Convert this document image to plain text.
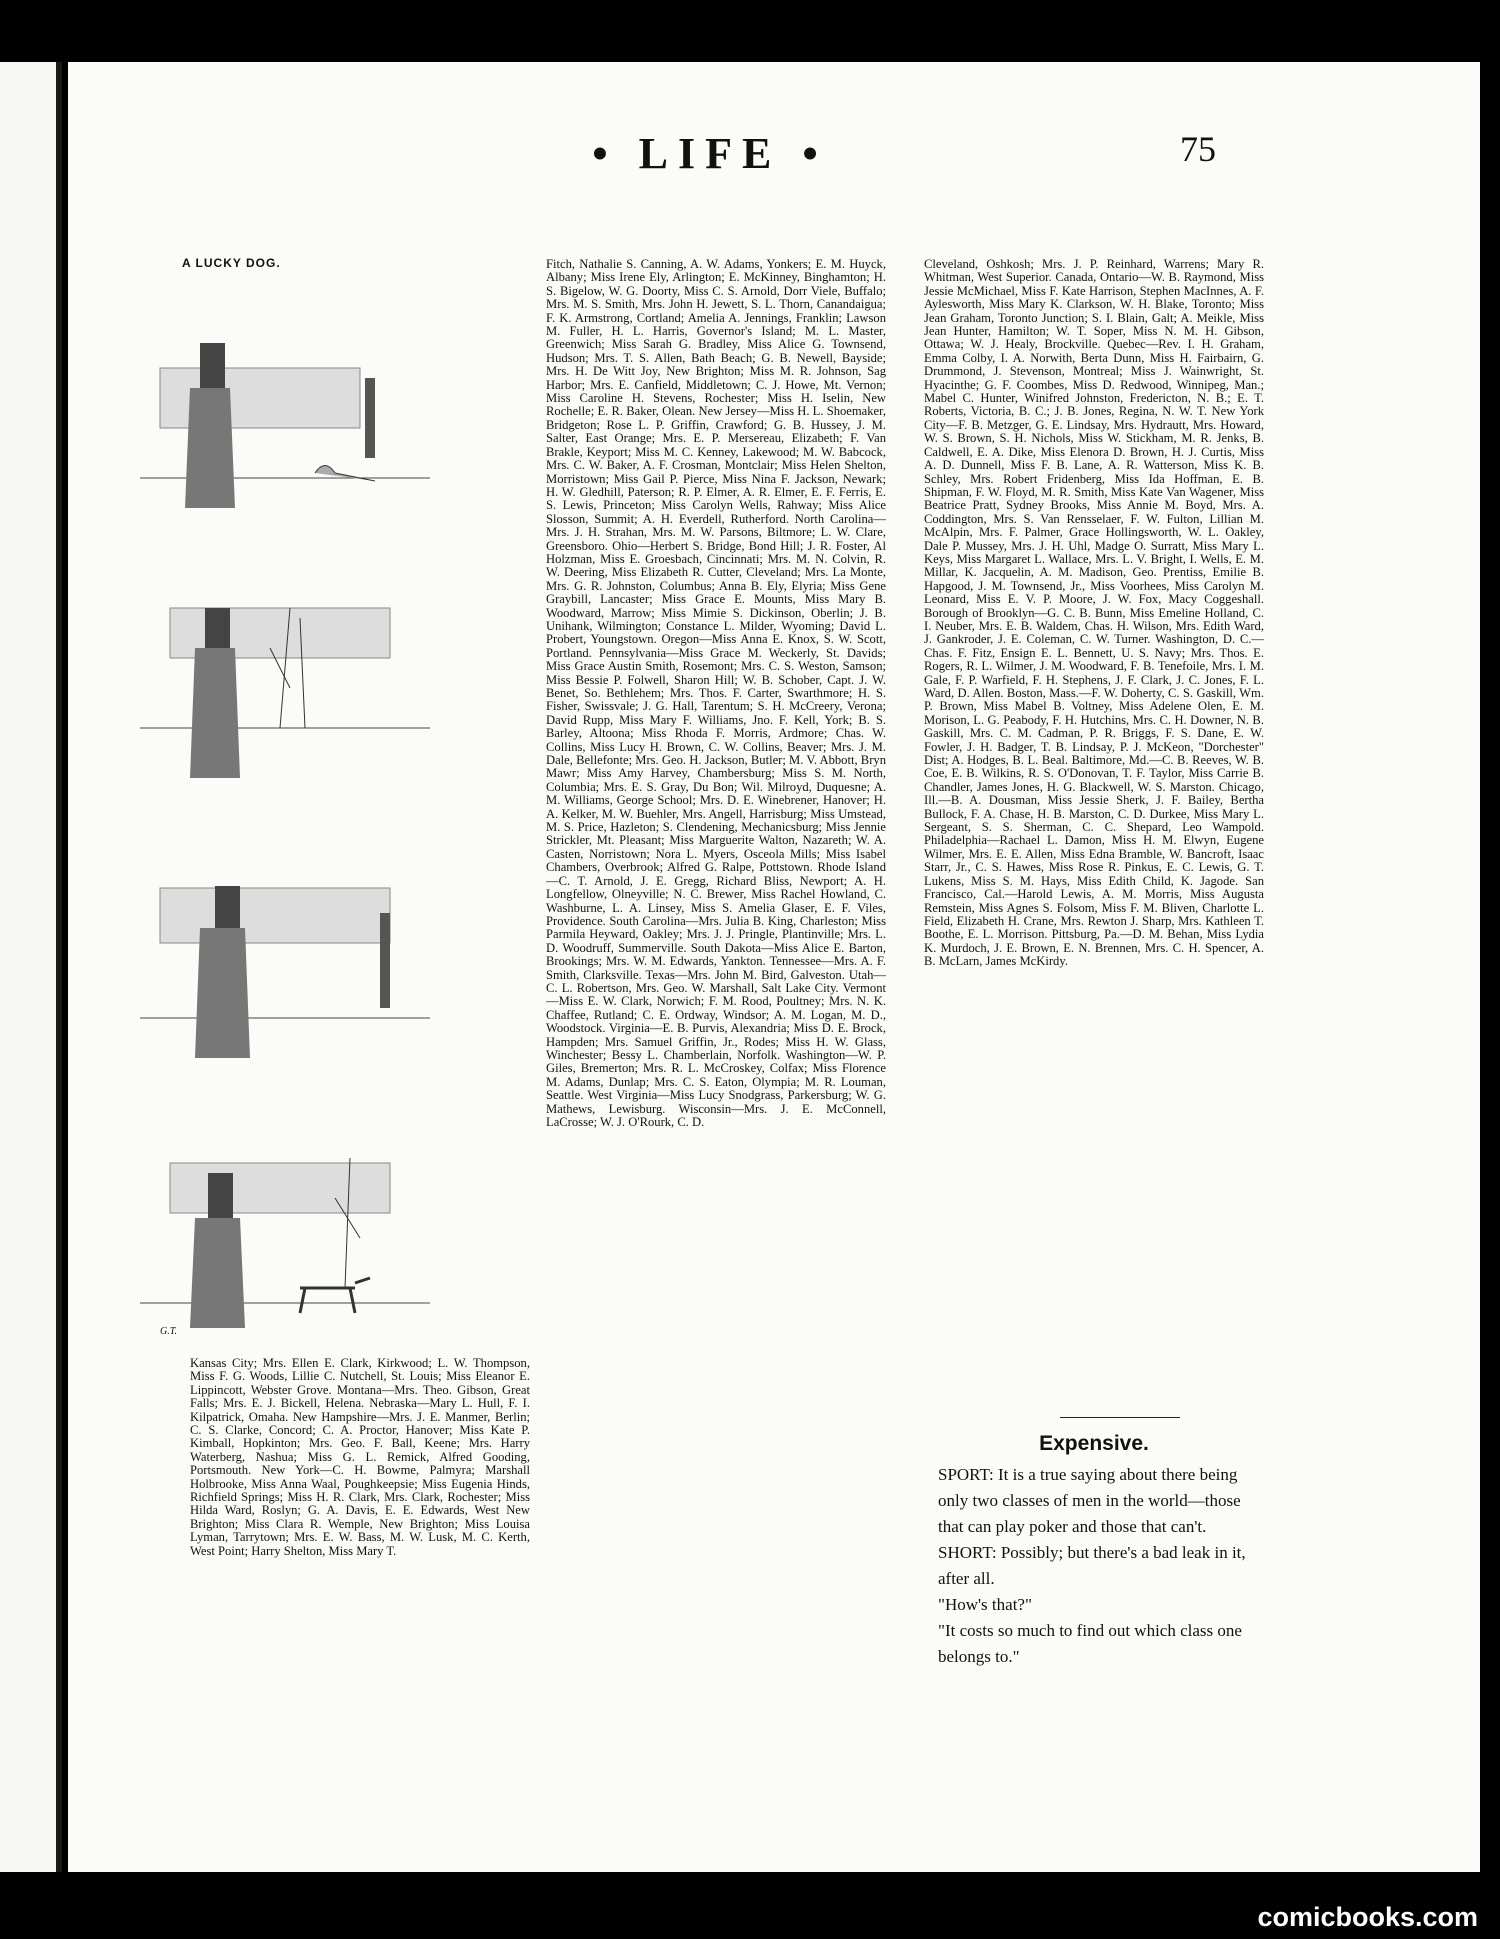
• LIFE •	75
A LUCKY DOG.
G.T.
Kansas City; Mrs. Ellen E. Clark, Kirkwood; L. W. Thompson, Miss F. G. Woods, Lillie C. Nutchell, St. Louis; Miss Eleanor E. Lippincott, Webster Grove. Montana—Mrs. Theo. Gibson, Great Falls; Mrs. E. J. Bickell, Helena. Nebraska—Mary L. Hull, F. I. Kilpatrick, Omaha. New Hampshire—Mrs. J. E. Manmer, Berlin; C. S. Clarke, Concord; C. A. Proctor, Hanover; Miss Kate P. Kimball, Hopkinton; Mrs. Geo. F. Ball, Keene; Mrs. Harry Waterberg, Nashua; Miss G. L. Remick, Alfred Gooding, Portsmouth. New York—C. H. Bowme, Palmyra; Marshall Holbrooke, Miss Anna Waal, Poughkeepsie; Miss Eugenia Hinds, Richfield Springs; Miss H. R. Clark, Mrs. Clark, Rochester; Miss Hilda Ward, Roslyn; G. A. Davis, E. E. Edwards, West New Brighton; Miss Clara R. Wemple, New Brighton; Miss Louisa Lyman, Tarrytown; Mrs. E. W. Bass, M. W. Lusk, M. C. Kerth, West Point; Harry Shelton, Miss Mary T.
Fitch, Nathalie S. Canning, A. W. Adams, Yonkers; E. M. Huyck, Albany; Miss Irene Ely, Arlington; E. McKinney, Binghamton; H. S. Bigelow, W. G. Doorty, Miss C. S. Arnold, Dorr Viele, Buffalo; Mrs. M. S. Smith, Mrs. John H. Jewett, S. L. Thorn, Canandaigua; F. K. Armstrong, Cortland; Amelia A. Jennings, Franklin; Lawson M. Fuller, H. L. Harris, Governor's Island; M. L. Master, Greenwich; Miss Sarah G. Bradley, Miss Alice G. Townsend, Hudson; Mrs. T. S. Allen, Bath Beach; G. B. Newell, Bayside; Mrs. H. De Witt Joy, New Brighton; Miss M. R. Johnson, Sag Harbor; Mrs. E. Canfield, Middletown; C. J. Howe, Mt. Vernon; Miss Caroline H. Stevens, Rochester; Miss H. Iselin, New Rochelle; E. R. Baker, Olean. New Jersey—Miss H. L. Shoemaker, Bridgeton; Rose L. P. Griffin, Crawford; G. B. Hussey, J. M. Salter, East Orange; Mrs. E. P. Mersereau, Elizabeth; F. Van Brakle, Keyport; Miss M. C. Kenney, Lakewood; M. W. Babcock, Mrs. C. W. Baker, A. F. Crosman, Montclair; Miss Helen Shelton, Morristown; Miss Gail P. Pierce, Miss Nina F. Jackson, Newark; H. W. Gledhill, Paterson; R. P. Elmer, A. R. Elmer, E. F. Ferris, E. S. Lewis, Princeton; Miss Carolyn Wells, Rahway; Miss Alice Slosson, Summit; A. H. Everdell, Rutherford. North Carolina—Mrs. J. H. Strahan, Mrs. M. W. Parsons, Biltmore; L. W. Clare, Greensboro. Ohio—Herbert S. Bridge, Bond Hill; J. R. Foster, Al Holzman, Miss E. Groesbach, Cincinnati; Mrs. M. N. Colvin, R. W. Deering, Miss Elizabeth R. Cutter, Cleveland; Mrs. La Monte, Mrs. G. R. Johnston, Columbus; Anna B. Ely, Elyria; Miss Gene Graybill, Lancaster; Miss Grace E. Mounts, Miss Mary B. Woodward, Marrow; Miss Mimie S. Dickinson, Oberlin; J. B. Unihank, Wilmington; Constance L. Milder, Wyoming; David L. Probert, Youngstown. Oregon—Miss Anna E. Knox, S. W. Scott, Portland. Pennsylvania—Miss Grace M. Weckerly, St. Davids; Miss Grace Austin Smith, Rosemont; Mrs. C. S. Weston, Samson; Miss Bessie P. Folwell, Sharon Hill; W. B. Schober, Capt. J. W. Benet, So. Bethlehem; Mrs. Thos. F. Carter, Swarthmore; H. S. Fisher, Swissvale; J. G. Hall, Tarentum; S. H. McCreery, Verona; David Rupp, Miss Mary F. Williams, Jno. F. Kell, York; B. S. Barley, Altoona; Miss Rhoda F. Morris, Ardmore; Chas. W. Collins, Miss Lucy H. Brown, C. W. Collins, Beaver; Mrs. J. M. Dale, Bellefonte; Mrs. Geo. H. Jackson, Butler; M. V. Abbott, Bryn Mawr; Miss Amy Harvey, Chambersburg; Miss S. M. North, Columbia; Mrs. E. S. Gray, Du Bon; Wil. Milroyd, Duquesne; A. M. Williams, George School; Mrs. D. E. Winebrener, Hanover; H. A. Kelker, M. W. Buehler, Mrs. Angell, Harrisburg; Miss Umstead, M. S. Price, Hazleton; S. Clendening, Mechanicsburg; Miss Jennie Strickler, Mt. Pleasant; Miss Marguerite Walton, Nazareth; W. A. Casten, Norristown; Nora L. Myers, Osceola Mills; Miss Isabel Chambers, Overbrook; Alfred G. Ralpe, Pottstown. Rhode Island—C. T. Arnold, J. E. Gregg, Richard Bliss, Newport; A. H. Longfellow, Olneyville; N. C. Brewer, Miss Rachel Howland, C. Washburne, L. A. Linsey, Miss S. Amelia Glaser, E. F. Viles, Providence. South Carolina—Mrs. Julia B. King, Charleston; Miss Parmila Heyward, Oakley; Mrs. J. J. Pringle, Plantinville; Mrs. L. D. Woodruff, Summerville. South Dakota—Miss Alice E. Barton, Brookings; Mrs. W. M. Edwards, Yankton. Tennessee—Mrs. A. F. Smith, Clarksville. Texas—Mrs. John M. Bird, Galveston. Utah—C. L. Robertson, Mrs. Geo. W. Marshall, Salt Lake City. Vermont—Miss E. W. Clark, Norwich; F. M. Rood, Poultney; Mrs. N. K. Chaffee, Rutland; C. E. Ordway, Windsor; A. M. Logan, M. D., Woodstock. Virginia—E. B. Purvis, Alexandria; Miss D. E. Brock, Hampden; Mrs. Samuel Griffin, Jr., Rodes; Miss H. W. Glass, Winchester; Bessy L. Chamberlain, Norfolk. Washington—W. P. Giles, Bremerton; Mrs. R. L. McCroskey, Colfax; Miss Florence M. Adams, Dunlap; Mrs. C. S. Eaton, Olympia; M. R. Louman, Seattle. West Virginia—Miss Lucy Snodgrass, Parkersburg; W. G. Mathews, Lewisburg. Wisconsin—Mrs. J. E. McConnell, LaCrosse; W. J. O'Rourk, C. D.
Cleveland, Oshkosh; Mrs. J. P. Reinhard, Warrens; Mary R. Whitman, West Superior. Canada, Ontario—W. B. Raymond, Miss Jessie McMichael, Miss F. Kate Harrison, Stephen MacInnes, A. F. Aylesworth, Miss Mary K. Clarkson, W. H. Blake, Toronto; Miss Jean Graham, Toronto Junction; S. I. Blain, Galt; A. Meikle, Miss Jean Hunter, Hamilton; W. T. Soper, Miss N. M. H. Gibson, Ottawa; W. J. Healy, Brockville. Quebec—Rev. I. H. Graham, Emma Colby, I. A. Norwith, Berta Dunn, Miss H. Fairbairn, G. Drummond, J. Stevenson, Montreal; Miss J. Wainwright, St. Hyacinthe; G. F. Coombes, Miss D. Redwood, Winnipeg, Man.; Mabel C. Hunter, Winifred Johnston, Fredericton, N. B.; E. T. Roberts, Victoria, B. C.; J. B. Jones, Regina, N. W. T. New York City—F. B. Metzger, G. E. Lindsay, Mrs. Hydrautt, Mrs. Howard, W. S. Brown, S. H. Nichols, Miss W. Stickham, M. R. Jenks, B. Caldwell, E. A. Dike, Miss Elenora D. Brown, H. J. Curtis, Miss A. D. Dunnell, Miss F. B. Lane, A. R. Watterson, Miss K. B. Schley, Mrs. Robert Fridenberg, Miss Ida Hoffman, E. B. Shipman, F. W. Floyd, M. R. Smith, Miss Kate Van Wagener, Miss Beatrice Pratt, Sydney Brooks, Miss Annie M. Boyd, Mrs. A. Coddington, Mrs. S. Van Rensselaer, F. W. Fulton, Lillian M. McAlpin, Mrs. F. Palmer, Grace Hollingsworth, W. L. Oakley, Dale P. Mussey, Mrs. J. H. Uhl, Madge O. Surratt, Miss Mary L. Keys, Miss Margaret L. Wallace, Mrs. L. V. Bright, I. Wells, E. M. Millar, K. Jacquelin, A. M. Madison, Geo. Prentiss, Emilie B. Hapgood, J. M. Townsend, Jr., Miss Voorhees, Miss Carolyn M. Leonard, Miss E. V. P. Moore, J. W. Fox, Macy Coggeshall. Borough of Brooklyn—G. C. B. Bunn, Miss Emeline Holland, C. I. Neuber, Mrs. E. B. Waldem, Chas. H. Wilson, Mrs. Edith Ward, J. Gankroder, J. E. Coleman, C. W. Turner. Washington, D. C.—Chas. F. Fitz, Ensign E. L. Bennett, U. S. Navy; Mrs. Thos. E. Rogers, R. L. Wilmer, J. M. Woodward, F. B. Tenefoile, Mrs. I. M. Gale, F. P. Warfield, F. H. Stephens, J. F. Clark, J. C. Jones, F. L. Ward, D. Allen. Boston, Mass.—F. W. Doherty, C. S. Gaskill, Wm. P. Brown, Miss Mabel B. Voltney, Miss Adelene Olen, E. M. Morison, L. G. Peabody, F. H. Hutchins, Mrs. C. H. Downer, N. B. Gaskill, Mrs. C. M. Cadman, P. R. Briggs, F. S. Dane, E. W. Fowler, J. H. Badger, T. B. Lindsay, P. J. McKeon, "Dorchester" Dist; A. Hodges, B. L. Beal. Baltimore, Md.—C. B. Reeves, W. B. Coe, E. B. Wilkins, R. S. O'Donovan, T. F. Taylor, Miss Carrie B. Chandler, James Jones, H. G. Blackwell, W. S. Marston. Chicago, Ill.—B. A. Dousman, Miss Jessie Sherk, J. F. Bailey, Bertha Bullock, F. A. Chase, H. B. Marston, C. D. Durkee, Miss Mary L. Sergeant, S. S. Sherman, C. C. Shepard, Leo Wampold. Philadelphia—Rachael L. Damon, Miss H. M. Elwyn, Eugene Wilmer, Mrs. E. E. Allen, Miss Edna Bramble, W. Bancroft, Isaac Starr, Jr., C. S. Hawes, Miss Rose R. Pinkus, E. C. Lewis, G. T. Lukens, Miss S. M. Hays, Miss Edith Child, K. Jagode. San Francisco, Cal.—Harold Lewis, A. M. Morris, Miss Augusta Remstein, Miss Agnes S. Folsom, Miss F. M. Bliven, Charlotte L. Field, Elizabeth H. Crane, Mrs. Rewton J. Sharp, Mrs. Kathleen T. Boothe, E. L. Morrison. Pittsburg, Pa.—D. M. Behan, Miss Lydia K. Murdoch, J. E. Brown, E. N. Brennen, Mrs. C. H. Spencer, A. B. McLarn, James McKirdy.
Expensive.
SPORT: It is a true saying about there being only two classes of men in the world—those that can play poker and those that can't.
SHORT: Possibly; but there's a bad leak in it, after all.
"How's that?"
"It costs so much to find out which class one belongs to."
comicbooks.com
